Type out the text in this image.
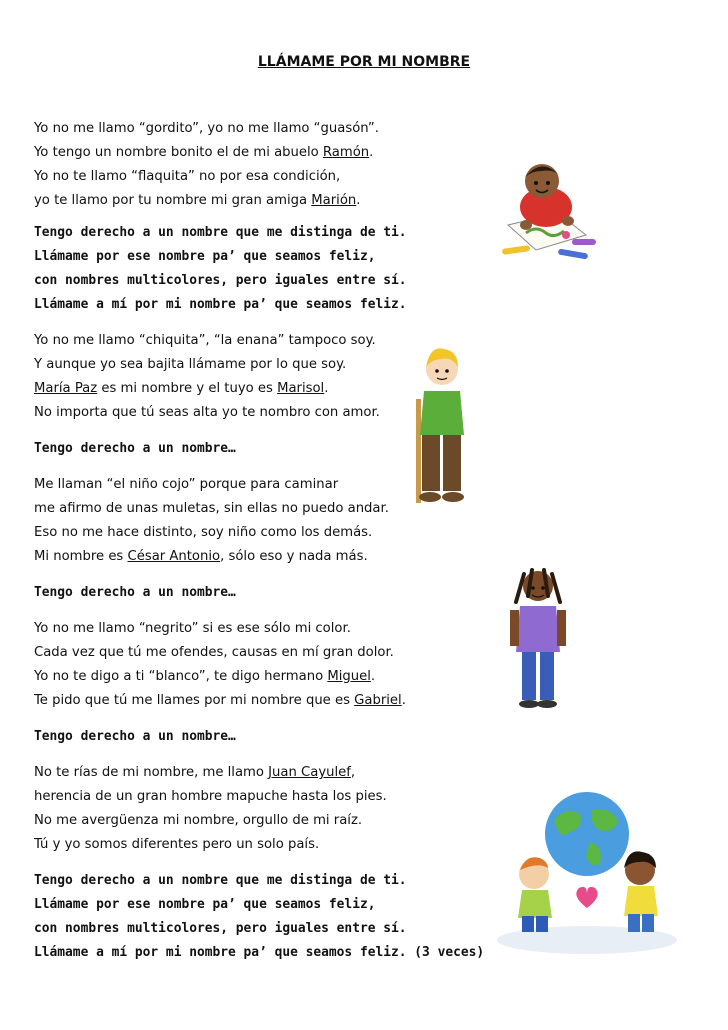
LLÁMAME POR MI NOMBRE
Yo no me llamo “gordito”, yo no me llamo “guasón”.
Yo tengo un nombre bonito el de mi abuelo Ramón.
Yo no te llamo “flaquita” no por esa condición,
yo te llamo por tu nombre mi gran amiga Marión.
Tengo derecho a un nombre que me distinga de ti.
Llámame por ese nombre pa’ que seamos feliz,
con nombres multicolores, pero iguales entre sí.
Llámame a mí por mi nombre pa’ que seamos feliz.
Yo no me llamo “chiquita”, “la enana” tampoco soy.
Y aunque yo sea bajita llámame por lo que soy.
María Paz es mi nombre y el tuyo es Marisol.
No importa que tú seas alta yo te nombro con amor.
Tengo derecho a un nombre…
Me llaman “el niño cojo” porque para caminar
me afirmo de unas muletas, sin ellas no puedo andar.
Eso no me hace distinto, soy niño como los demás.
Mi nombre es César Antonio, sólo eso y nada más.
Tengo derecho a un nombre…
Yo no me llamo “negrito” si es ese sólo mi color.
Cada vez que tú me ofendes, causas en mí gran dolor.
Yo no te digo a ti “blanco”, te digo hermano Miguel.
Te pido que tú me llames por mi nombre que es Gabriel.
Tengo derecho a un nombre…
No te rías de mi nombre, me llamo Juan Cayulef,
herencia de un gran hombre mapuche hasta los pies.
No me avergüenza mi nombre, orgullo de mi raíz.
Tú y yo somos diferentes pero un solo país.
Tengo derecho a un nombre que me distinga de ti.
Llámame por ese nombre pa’ que seamos feliz,
con nombres multicolores, pero iguales entre sí.
Llámame a mí por mi nombre pa’ que seamos feliz. (3 veces)
